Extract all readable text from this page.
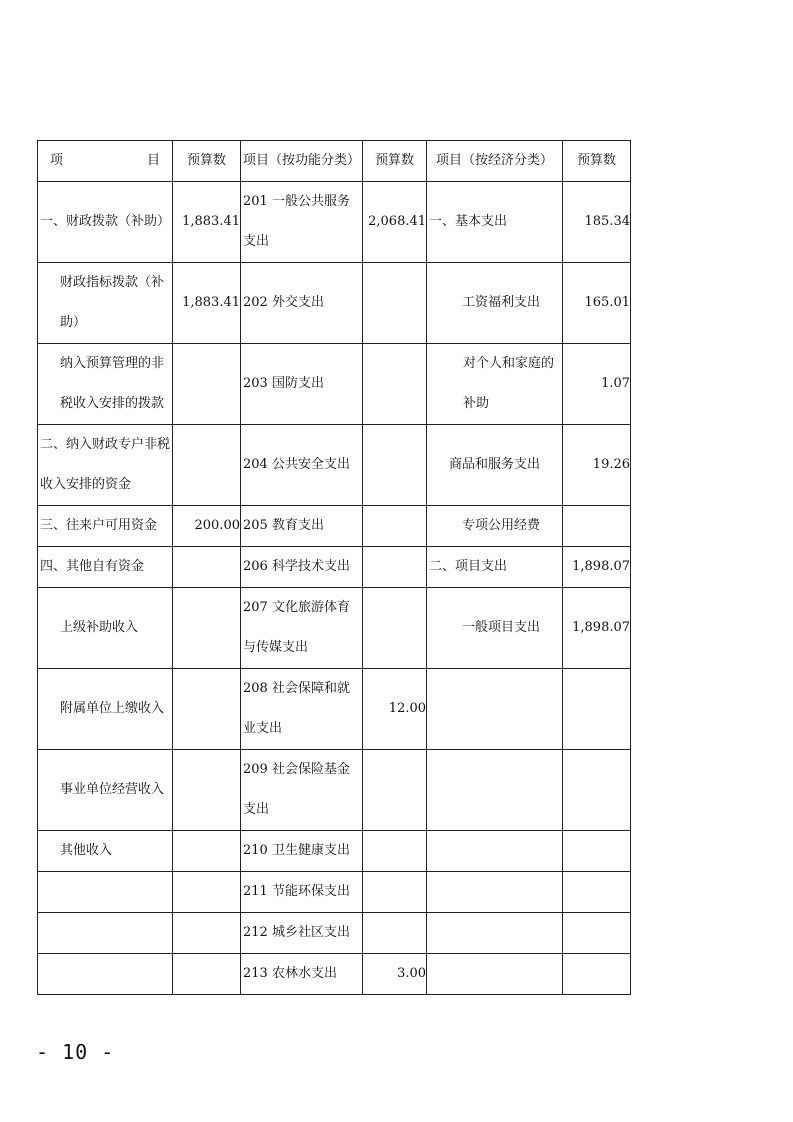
项 目	预算数	项目（按功能分类）	预算数	项目（按经济分类）	预算数
一、财政拨款（补助）	1,883.41	201 一般公共服务支出	2,068.41	一、基本支出	185.34
财政指标拨款（补助）	1,883.41	202 外交支出		工资福利支出	165.01
纳入预算管理的非税收入安排的拨款		203 国防支出		对个人和家庭的补助	1.07
二、纳入财政专户非税收入安排的资金		204 公共安全支出		商品和服务支出	19.26
三、往来户可用资金	200.00	205 教育支出		专项公用经费	
四、其他自有资金		206 科学技术支出		二、项目支出	1,898.07
上级补助收入		207 文化旅游体育与传媒支出		一般项目支出	1,898.07
附属单位上缴收入		208 社会保障和就业支出	12.00		
事业单位经营收入		209 社会保险基金支出			
其他收入		210 卫生健康支出			
		211 节能环保支出			
		212 城乡社区支出			
		213 农林水支出	3.00		
- 10 -
